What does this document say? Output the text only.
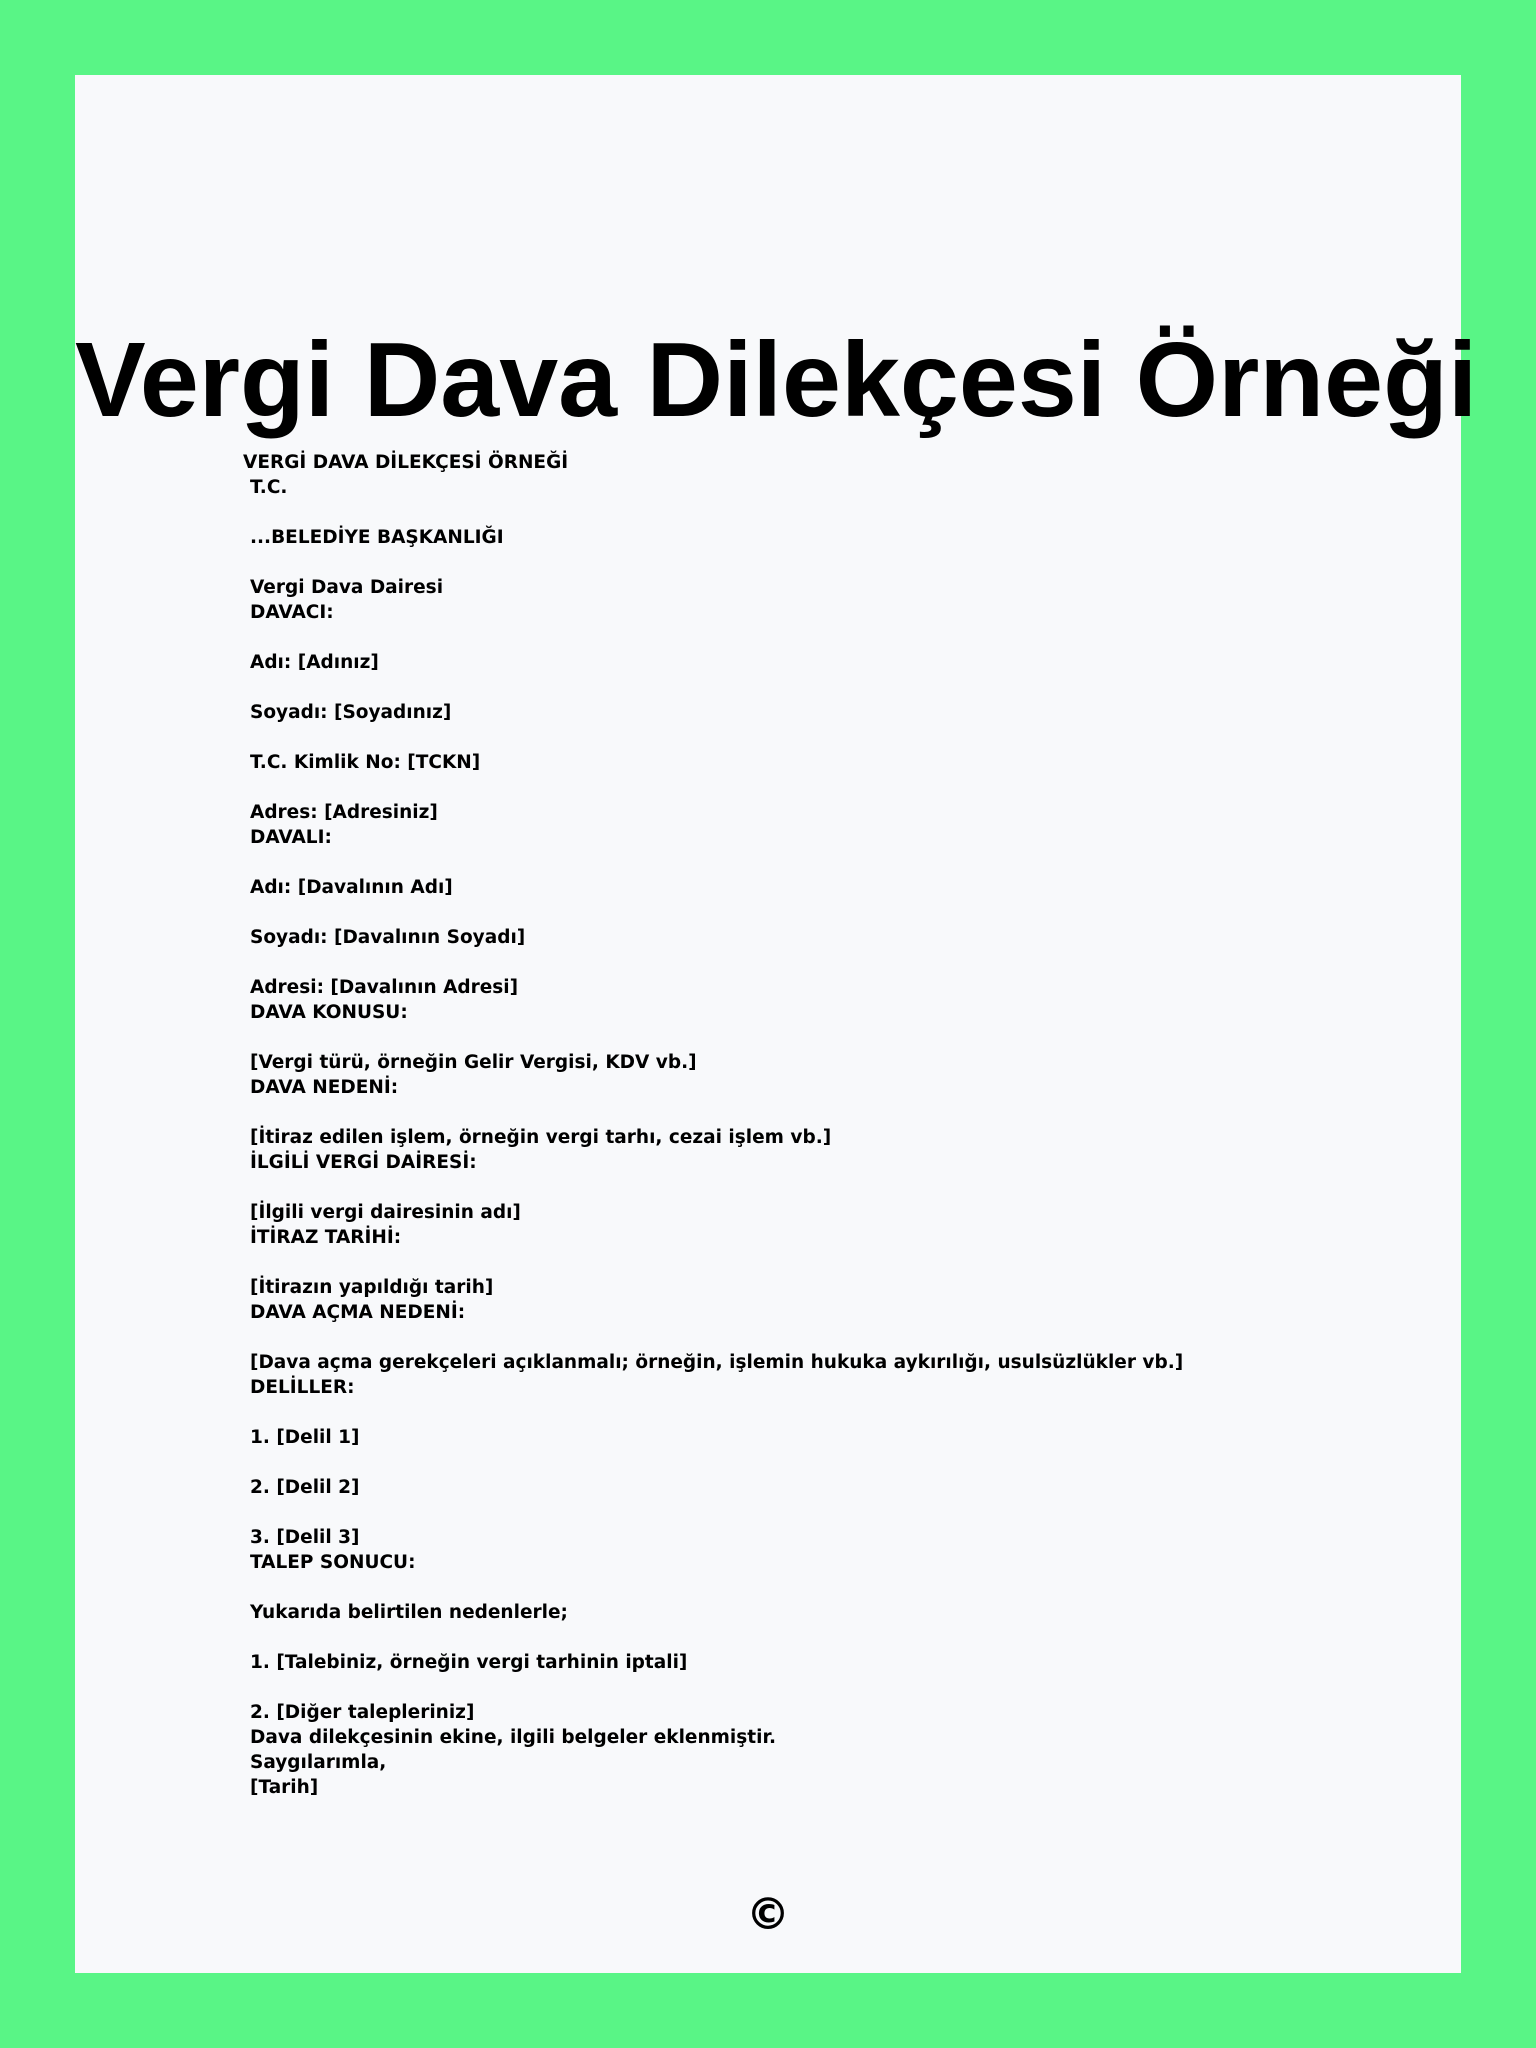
Vergi Dava Dilekçesi Örneği
VERGİ DAVA DİLEKÇESİ ÖRNEĞİ
T.C.
...BELEDİYE BAŞKANLIĞI
Vergi Dava Dairesi
DAVACI:
Adı: [Adınız]
Soyadı: [Soyadınız]
T.C. Kimlik No: [TCKN]
Adres: [Adresiniz]
DAVALI:
Adı: [Davalının Adı]
Soyadı: [Davalının Soyadı]
Adresi: [Davalının Adresi]
DAVA KONUSU:
[Vergi türü, örneğin Gelir Vergisi, KDV vb.]
DAVA NEDENİ:
[İtiraz edilen işlem, örneğin vergi tarhı, cezai işlem vb.]
İLGİLİ VERGİ DAİRESİ:
[İlgili vergi dairesinin adı]
İTİRAZ TARİHİ:
[İtirazın yapıldığı tarih]
DAVA AÇMA NEDENİ:
[Dava açma gerekçeleri açıklanmalı; örneğin, işlemin hukuka aykırılığı, usulsüzlükler vb.]
DELİLLER:
1. [Delil 1]
2. [Delil 2]
3. [Delil 3]
TALEP SONUCU:
Yukarıda belirtilen nedenlerle;
1. [Talebiniz, örneğin vergi tarhinin iptali]
2. [Diğer talepleriniz]
Dava dilekçesinin ekine, ilgili belgeler eklenmiştir.
Saygılarımla,
[Tarih]
©
